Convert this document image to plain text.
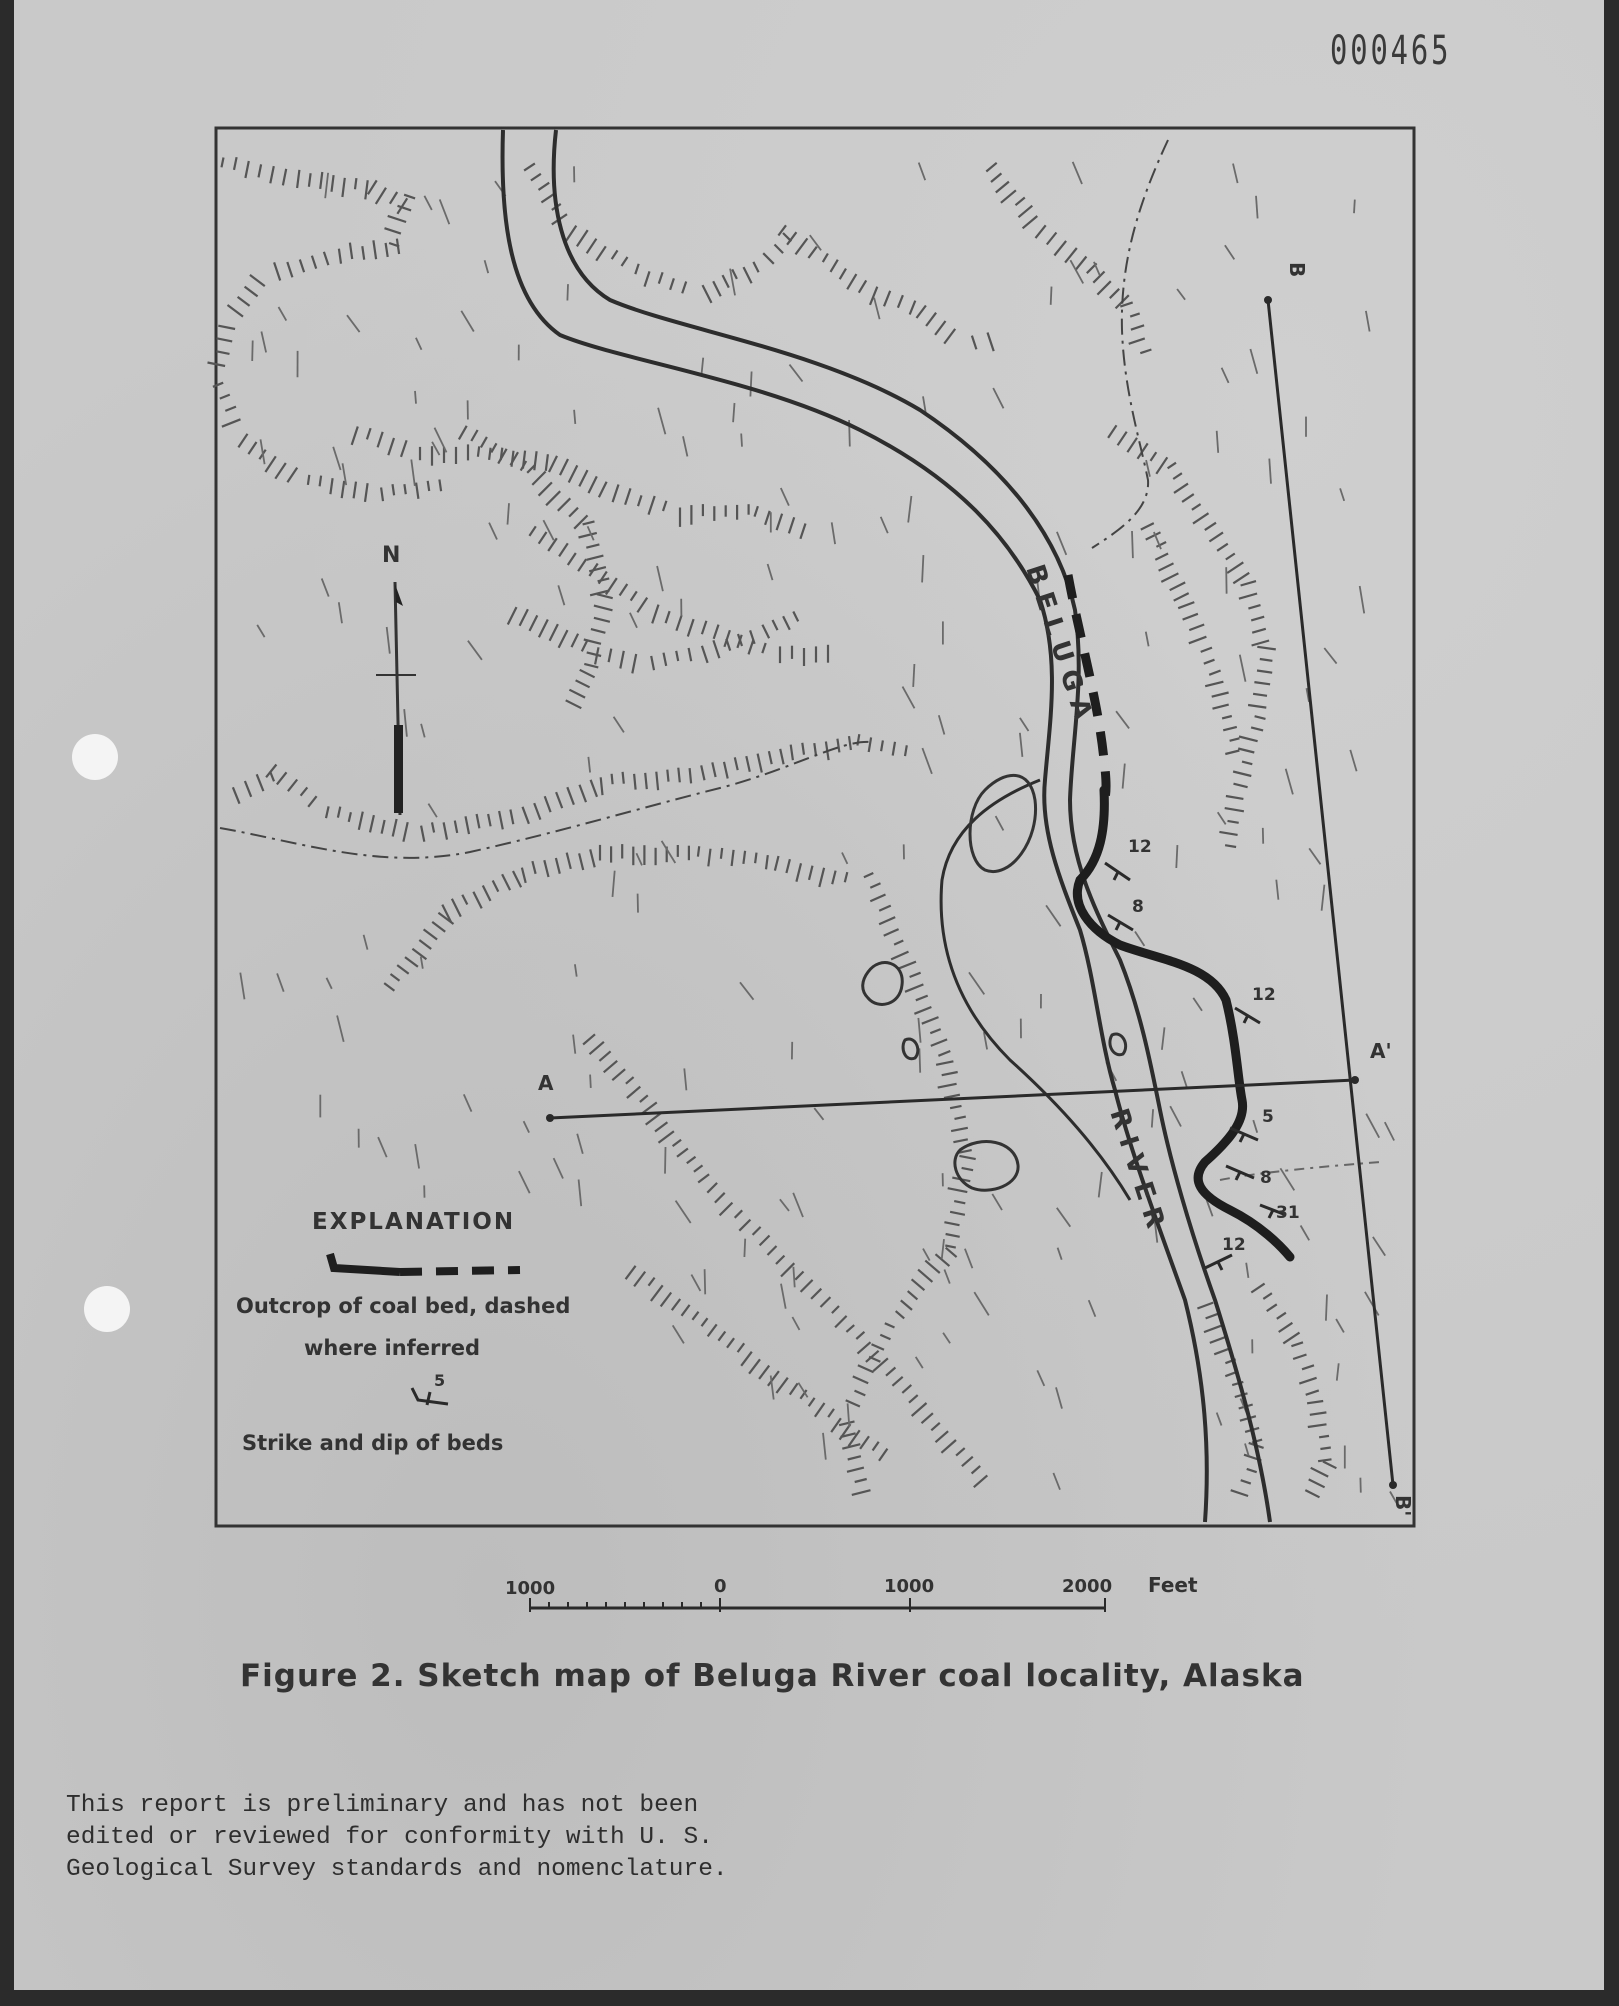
000465
BELUGA
RIVER
12
8
12
5
8
31
12
A
A'
B
B'
N
EXPLANATION
Outcrop of coal bed, dashed
where inferred
5
Strike and dip of beds
1000	0	1000	2000 Feet
Figure 2. Sketch map of Beluga River coal locality, Alaska
This report is preliminary and has not been
edited or reviewed for conformity with U. S.
Geological Survey standards and nomenclature.
